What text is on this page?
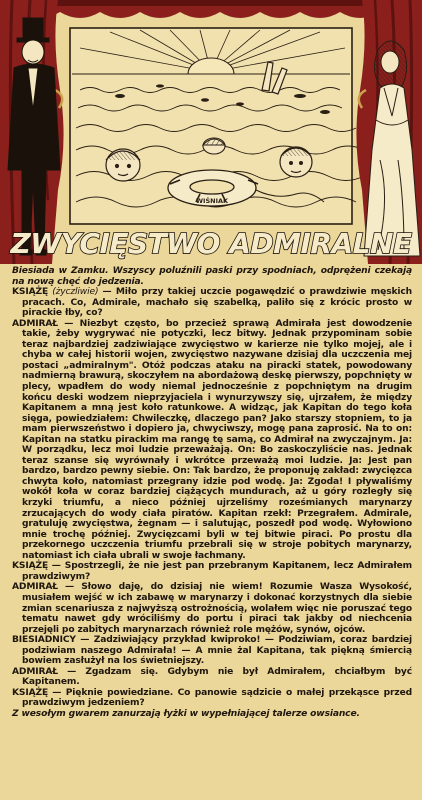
WIŚNIAK
ZWYCIĘSTWO ADMIRALNE

Biesiada w Zamku. Wszyscy poluźnili paski przy spodniach, odprężeni czekają na nową chęć do jedzenia.

KSIĄŻĘ (życzliwie) — Miło przy takiej uczcie pogawędzić o prawdziwie męskich pracach. Co, Admirale, machało się szabelką, paliło się z krócic prosto w pirackie łby, co?

ADMIRAŁ — Niezbyt często, bo przecież sprawą Admirała jest dowodzenie takie, żeby wygrywać nie potyczki, lecz bitwy. Jednak przypominam sobie teraz najbardziej zadziwiające zwycięstwo w karierze nie tylko mojej, ale i chyba w całej historii wojen, zwycięstwo nazywane dzisiaj dla uczczenia mej postaci „admiralnym". Otóż podczas ataku na piracki statek, powodowany nadmierną brawurą, skoczyłem na abordażową deskę pierwszy, popchnięty w plecy, wpadłem do wody niemal jednocześnie z popchniętym na drugim końcu deski wodzem nieprzyjaciela i wynurzywszy się, ujrzałem, że między Kapitanem a mną jest koło ratunkowe. A widząc, jak Kapitan do tego koła sięga, powiedziałem: Chwileczkę, dlaczego pan? Jako starszy stopniem, to ja mam pierwszeństwo i dopiero ja, chwyciwszy, mogę pana zaprosić. Na to on: Kapitan na statku pirackim ma rangę tę samą, co Admirał na zwyczajnym. Ja: W porządku, lecz moi ludzie przeważają. On: Bo zaskoczyliście nas. Jednak teraz szanse się wyrównały i wkrótce przeważą moi ludzie. Ja: Jest pan bardzo, bardzo pewny siebie. On: Tak bardzo, że proponuję zakład: zwycięzca chwyta koło, natomiast przegrany idzie pod wodę. Ja: Zgoda! I pływaliśmy wokół koła w coraz bardziej ciążących mundurach, aż u góry rozległy się krzyki triumfu, a nieco później ujrzeliśmy roześmianych marynarzy zrzucających do wody ciała piratów. Kapitan rzekł: Przegrałem. Admirale, gratuluję zwycięstwa, żegnam — i salutując, poszedł pod wodę. Wyłowiono mnie trochę później. Zwycięzcami byli w tej bitwie piraci. Po prostu dla przekornego uczczenia triumfu przebrali się w stroje pobitych marynarzy, natomiast ich ciała ubrali w swoje łachmany.

KSIĄŻĘ — Spostrzegli, że nie jest pan przebranym Kapitanem, lecz Admirałem prawdziwym?

ADMIRAŁ — Słowo daję, do dzisiaj nie wiem! Rozumie Wasza Wysokość, musiałem wejść w ich zabawę w marynarzy i dokonać korzystnych dla siebie zmian scenariusza z najwyższą ostrożnością, wolałem więc nie poruszać tego tematu nawet gdy wróciliśmy do portu i piraci tak jakby od niechcenia przejęli po zabitych marynarzach również role mężów, synów, ojców.

BIESIADNICY — Zadziwiający przykład kwiproko! — Podziwiam, coraz bardziej podziwiam naszego Admirała! — A mnie żal Kapitana, tak piękną śmiercią bowiem zasłużył na los świetniejszy.

ADMIRAŁ — Zgadzam się. Gdybym nie był Admirałem, chciałbym być Kapitanem.

KSIĄŻĘ — Pięknie powiedziane. Co panowie sądzicie o małej przekąsce przed prawdziwym jedzeniem?

Z wesołym gwarem zanurzają łyżki w wypełniającej talerze owsiance.
